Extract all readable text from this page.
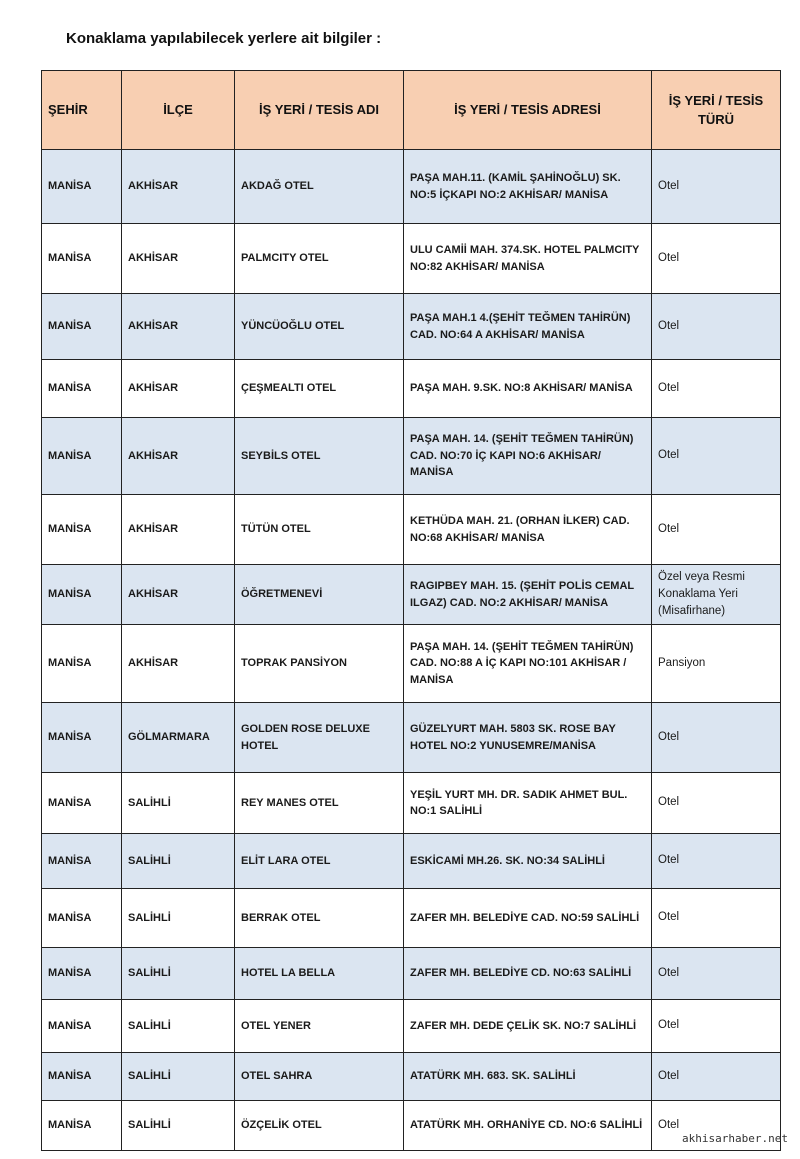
Konaklama yapılabilecek yerlere ait bilgiler :
ŞEHİR	İLÇE	İŞ YERİ / TESİS ADI	İŞ YERİ / TESİS ADRESİ	İŞ YERİ / TESİS TÜRÜ
MANİSA	AKHİSAR	AKDAĞ OTEL	PAŞA MAH.11. (KAMİL ŞAHİNOĞLU) SK. NO:5 İÇKAPI NO:2 AKHİSAR/ MANİSA	Otel
MANİSA	AKHİSAR	PALMCITY OTEL	ULU CAMİİ MAH. 374.SK. HOTEL PALMCITY NO:82 AKHİSAR/ MANİSA	Otel
MANİSA	AKHİSAR	YÜNCÜOĞLU OTEL	PAŞA MAH.1 4.(ŞEHİT TEĞMEN TAHİRÜN) CAD. NO:64 A AKHİSAR/ MANİSA	Otel
MANİSA	AKHİSAR	ÇEŞMEALTI OTEL	PAŞA MAH. 9.SK. NO:8 AKHİSAR/ MANİSA	Otel
MANİSA	AKHİSAR	SEYBİLS OTEL	PAŞA MAH. 14. (ŞEHİT TEĞMEN TAHİRÜN) CAD. NO:70 İÇ KAPI NO:6 AKHİSAR/ MANİSA	Otel
MANİSA	AKHİSAR	TÜTÜN OTEL	KETHÜDA MAH. 21. (ORHAN İLKER) CAD. NO:68 AKHİSAR/ MANİSA	Otel
MANİSA	AKHİSAR	ÖĞRETMENEVİ	RAGIPBEY MAH. 15. (ŞEHİT POLİS CEMAL ILGAZ) CAD. NO:2 AKHİSAR/ MANİSA	Özel veya Resmi Konaklama Yeri (Misafirhane)
MANİSA	AKHİSAR	TOPRAK PANSİYON	PAŞA MAH. 14. (ŞEHİT TEĞMEN TAHİRÜN) CAD. NO:88 A İÇ KAPI NO:101 AKHİSAR / MANİSA	Pansiyon
MANİSA	GÖLMARMARA	GOLDEN ROSE DELUXE HOTEL	GÜZELYURT MAH. 5803 SK. ROSE BAY HOTEL NO:2 YUNUSEMRE/MANİSA	Otel
MANİSA	SALİHLİ	REY MANES OTEL	YEŞİL YURT MH. DR. SADIK AHMET BUL. NO:1 SALİHLİ	Otel
MANİSA	SALİHLİ	ELİT LARA OTEL	ESKİCAMİ MH.26. SK. NO:34 SALİHLİ	Otel
MANİSA	SALİHLİ	BERRAK OTEL	ZAFER MH. BELEDİYE CAD. NO:59 SALİHLİ	Otel
MANİSA	SALİHLİ	HOTEL LA BELLA	ZAFER MH. BELEDİYE CD. NO:63 SALİHLİ	Otel
MANİSA	SALİHLİ	OTEL YENER	ZAFER MH. DEDE ÇELİK SK. NO:7 SALİHLİ	Otel
MANİSA	SALİHLİ	OTEL SAHRA	ATATÜRK MH. 683. SK. SALİHLİ	Otel
MANİSA	SALİHLİ	ÖZÇELİK OTEL	ATATÜRK MH. ORHANİYE CD. NO:6 SALİHLİ	Otel
akhisarhaber.net
